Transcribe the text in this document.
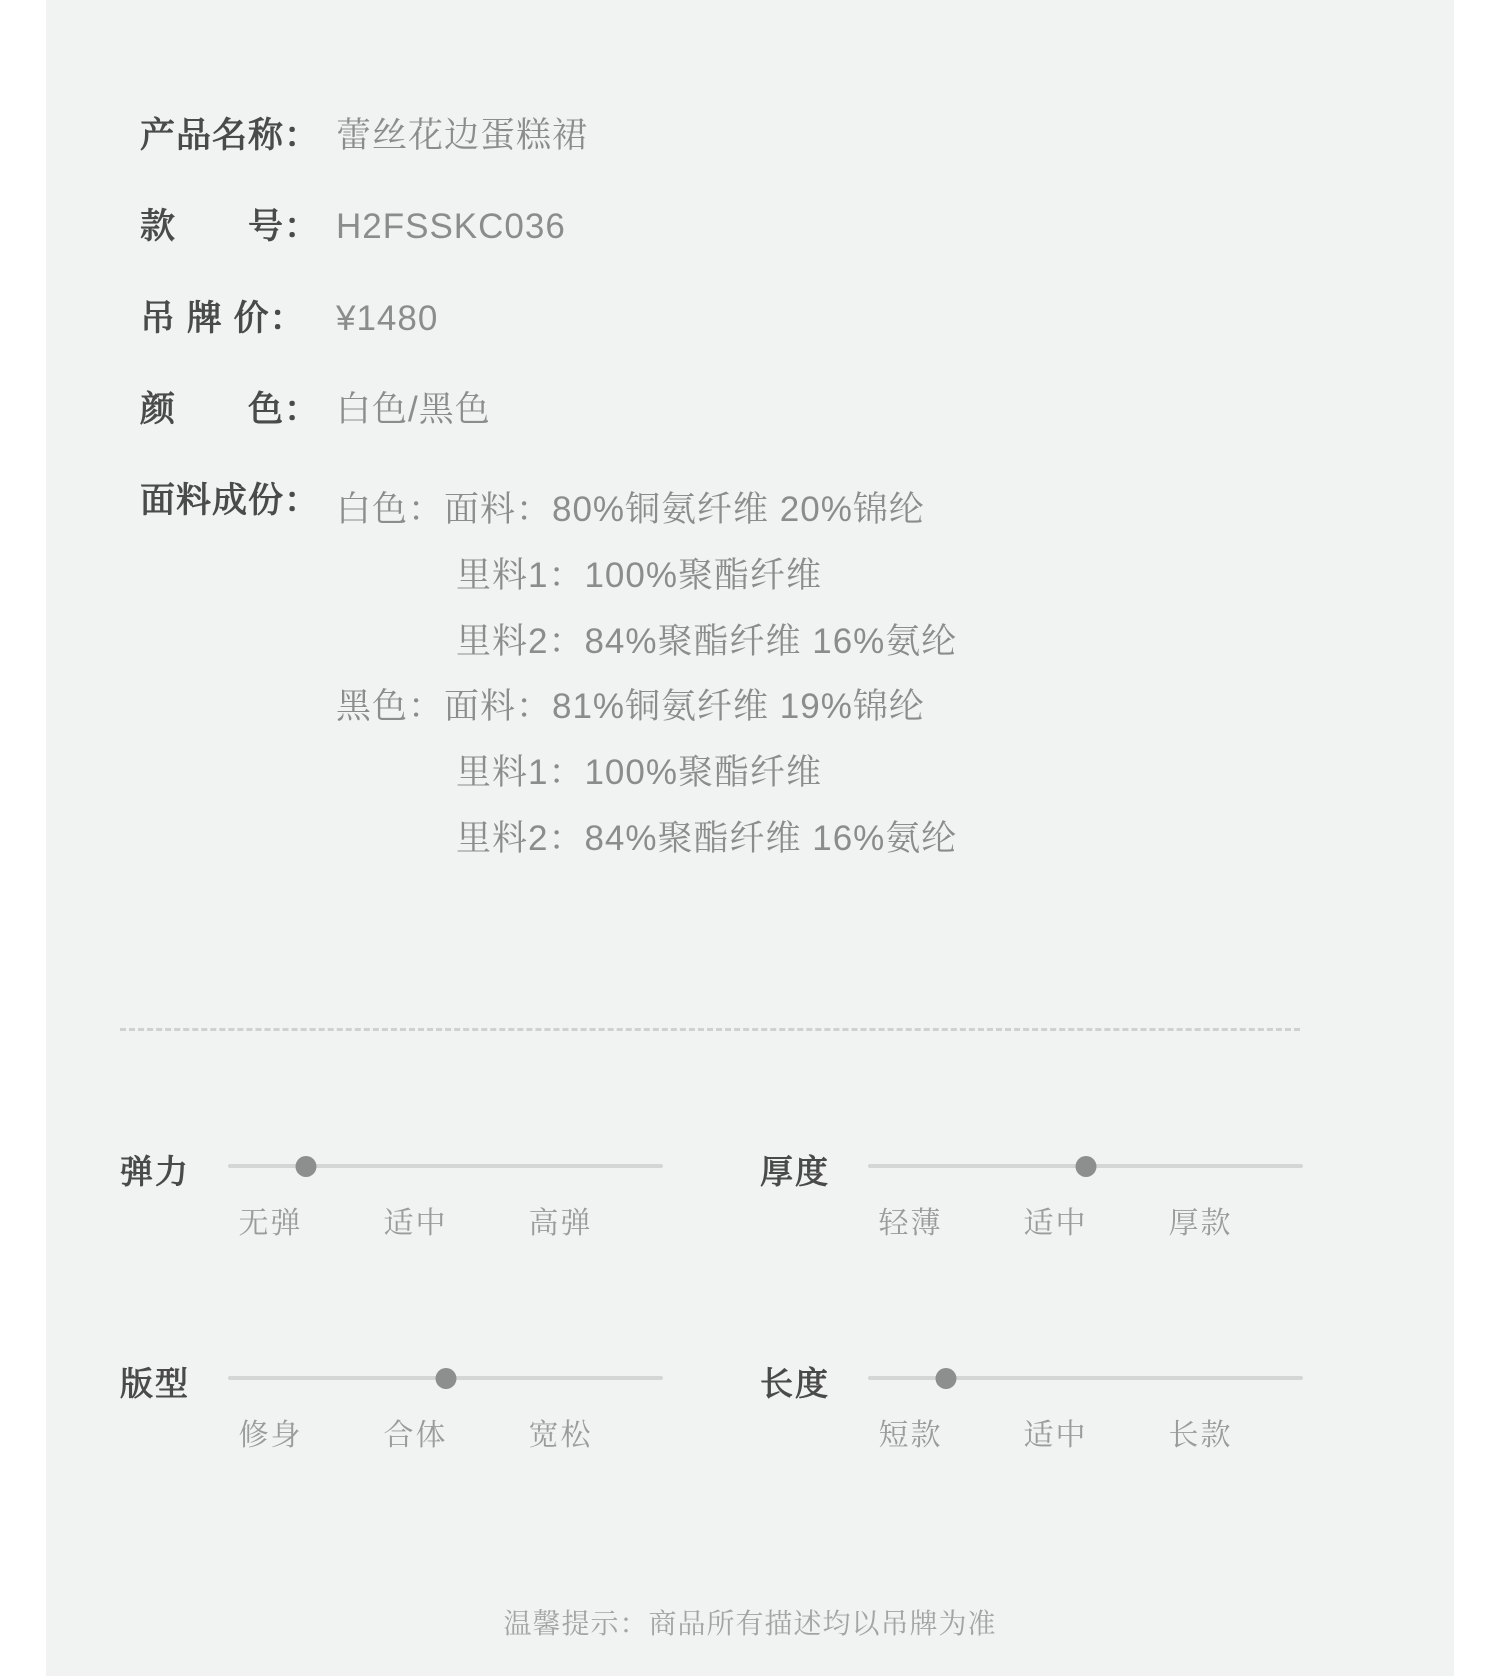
产品名称： 蕾丝花边蛋糕裙
款　　号： H2FSSKC036
吊 牌 价： ¥1480
颜　　色： 白色/黑色
面料成份： 白色：面料：80%铜氨纤维 20%锦纶
里料1：100%聚酯纤维
里料2：84%聚酯纤维 16%氨纶
黑色：面料：81%铜氨纤维 19%锦纶
里料1：100%聚酯纤维
里料2：84%聚酯纤维 16%氨纶
弹力
无弹	适中	高弹
厚度
轻薄	适中	厚款
版型
修身	合体	宽松
长度
短款	适中	长款
温馨提示：商品所有描述均以吊牌为准
